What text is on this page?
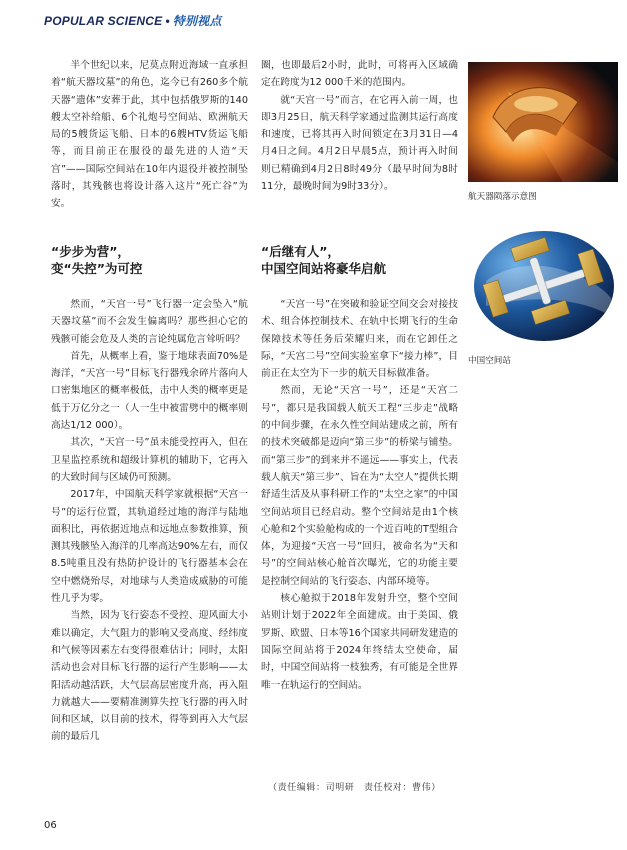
POPULAR SCIENCE • 特别视点

半个世纪以来，尼莫点附近海域一直承担着“航天器坟墓”的角色，迄今已有260多个航天器“遗体”安葬于此，其中包括俄罗斯的140艘太空补给船、6个礼炮号空间站、欧洲航天局的5艘货运飞船、日本的6艘HTV货运飞船等，而目前正在服役的最先进的人造“天宫”——国际空间站在10年内退役并被控制坠落时，其残骸也将设计落入这片“死亡谷”为安。

圈，也即最后2小时，此时，可将再入区域确定在跨度为12 000千米的范围内。

就“天宫一号”而言，在它再入前一周，也即3月25日，航天科学家通过监测其运行高度和速度，已将其再入时间锁定在3月31日—4月4日之间。4月2日早晨5点，预计再入时间则已精确到4月2日8时49分（最早时间为8时11分，最晚时间为9时33分）。

航天器陨落示意图
“步步为营”，
变“失控”为可控
“后继有人”，
中国空间站将豪华启航

然而，“天宫一号”飞行器一定会坠入“航天器坟墓”而不会发生偏离吗？那些担心它的残骸可能会危及人类的言论纯属危言耸听吗？

首先，从概率上看，鉴于地球表面70%是海洋，“天宫一号”目标飞行器残余碎片落向人口密集地区的概率极低，击中人类的概率更是低于万亿分之一（人一生中被雷劈中的概率则高达1/12 000）。

其次，“天宫一号”虽未能受控再入，但在卫星监控系统和超级计算机的辅助下，它再入的大致时间与区域仍可预测。

2017年，中国航天科学家就根据“天宫一号”的运行位置，其轨道经过地的海洋与陆地面积比，再依据近地点和远地点参数推算，预测其残骸坠入海洋的几率高达90%左右，而仅8.5吨重且没有热防护设计的飞行器基本会在空中燃烧殆尽，对地球与人类造成威胁的可能性几乎为零。

当然，因为飞行姿态不受控、迎风面大小难以确定，大气阻力的影响又受高度、经纬度和气候等因素左右变得很难估计；同时，太阳活动也会对目标飞行器的运行产生影响——太阳活动越活跃，大气层高层密度升高，再入阻力就越大——要精准测算失控飞行器的再入时间和区域，以目前的技术，得等到再入大气层前的最后几

“天宫一号”在突破和验证空间交会对接技术、组合体控制技术、在轨中长期飞行的生命保障技术等任务后荣耀归来，而在它卸任之际，“天宫二号”空间实验室拿下“接力棒”，目前正在太空为下一步的航天目标做准备。

然而，无论“天宫一号”，还是“天宫二号”，都只是我国载人航天工程“三步走”战略的中间步骤，在永久性空间站建成之前，所有的技术突破都是迈向“第三步”的桥梁与铺垫。而“第三步”的到来并不遥远——事实上，代表载人航天“第三步”、旨在为“太空人”提供长期舒适生活及从事科研工作的“太空之家”的中国空间站项目已经启动。整个空间站是由1个核心舱和2个实验舱构成的一个近百吨的T型组合体，为迎接“天宫一号”回归，被命名为“天和号”的空间站核心舱首次曝光，它的功能主要是控制空间站的飞行姿态、内部环境等。

核心舱拟于2018年发射升空，整个空间站则计划于2022年全面建成。由于美国、俄罗斯、欧盟、日本等16个国家共同研发建造的国际空间站将于2024年终结太空使命，届时，中国空间站将一枝独秀，有可能是全世界唯一在轨运行的空间站。

中国空间站
（责任编辑：司明研　责任校对：曹伟）
06
